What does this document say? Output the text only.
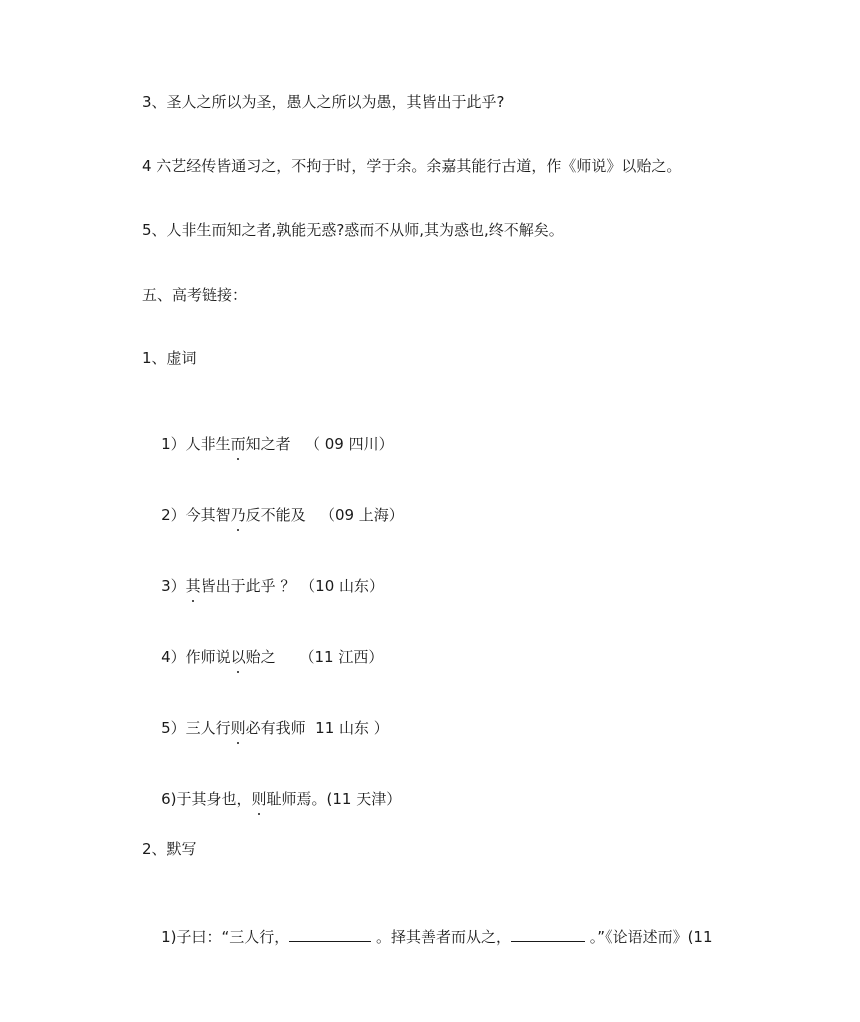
3、圣人之所以为圣，愚人之所以为愚，其皆出于此乎?
4 六艺经传皆通习之，不拘于时，学于余。余嘉其能行古道，作《师说》以贻之。
5、人非生而知之者,孰能无惑?惑而不从师,其为惑也,终不解矣。
五、高考链接：
1、虚词

1）人非生而知之者   （ 09 四川）

2）今其智乃反不能及   （09 上海）

3）其皆出于此乎 ？ （10 山东）

4）作师说以贻之     （11 江西）

5）三人行则必有我师  11 山东 ）

6)于其身也，则耻师焉。(11 天津）

2、默写

1)子曰：“三人行，	。择其善者而从之，	。”《论语述而》(11
